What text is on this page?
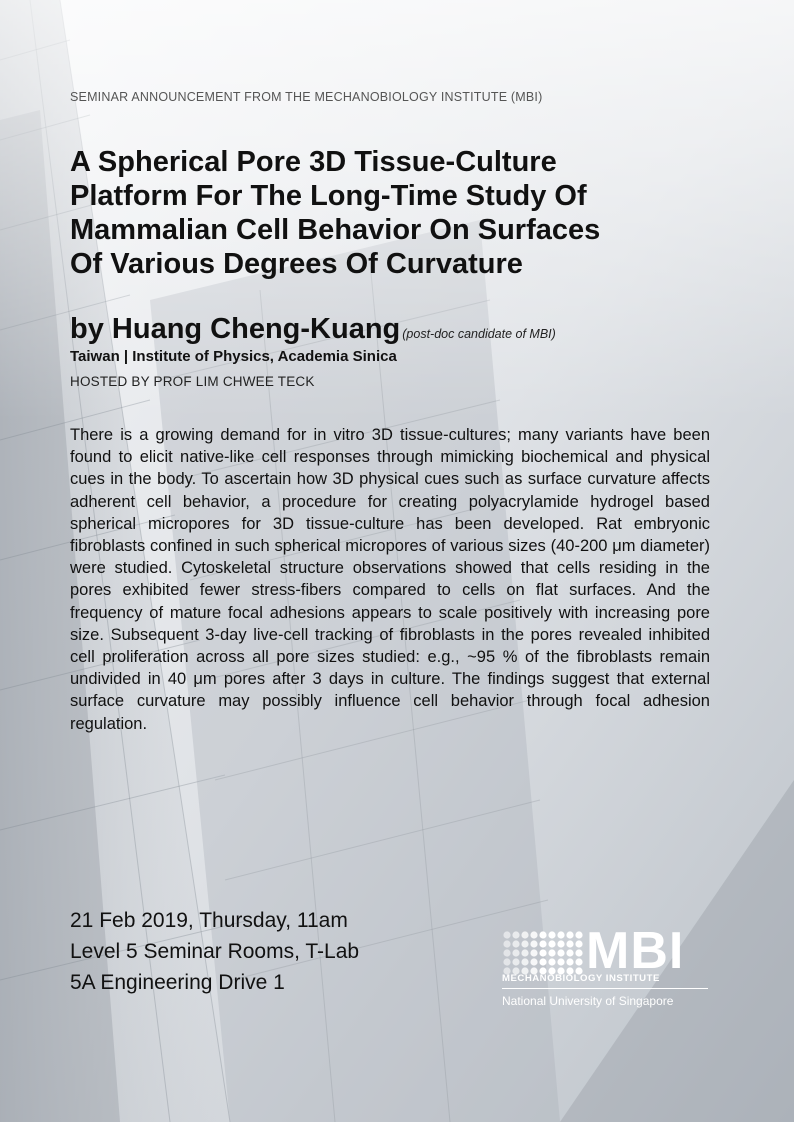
SEMINAR ANNOUNCEMENT FROM THE MECHANOBIOLOGY INSTITUTE (MBI)
A Spherical Pore 3D Tissue-Culture
Platform For The Long-Time Study Of
Mammalian Cell Behavior On Surfaces
Of Various Degrees Of Curvature
by Huang Cheng-Kuang (post-doc candidate of MBI)
Taiwan | Institute of Physics, Academia Sinica
HOSTED BY PROF LIM CHWEE TECK

There is a growing demand for in vitro 3D tissue-cultures; many variants have been found to elicit native-like cell responses through mimicking biochemical and physical cues in the body. To ascertain how 3D physical cues such as surface curvature affects adherent cell behavior, a procedure for creating polyacrylamide hydrogel based spherical micropores for 3D tissue-culture has been developed. Rat embryonic fibroblasts confined in such spherical micropores of various sizes (40-200 μm diameter) were studied. Cytoskeletal structure observations showed that cells residing in the pores exhibited fewer stress-fibers compared to cells on flat surfaces. And the frequency of mature focal adhesions appears to scale positively with increasing pore size. Subsequent 3-day live-cell tracking of fibroblasts in the pores revealed inhibited cell proliferation across all pore sizes studied: e.g., ~95 % of the fibroblasts remain undivided in 40 μm pores after 3 days in culture. The findings suggest that external surface curvature may possibly influence cell behavior through focal adhesion regulation.

21 Feb 2019, Thursday, 11am
Level 5 Seminar Rooms, T-Lab
5A Engineering Drive 1
MBI
MECHANOBIOLOGY INSTITUTE
National University of Singapore
